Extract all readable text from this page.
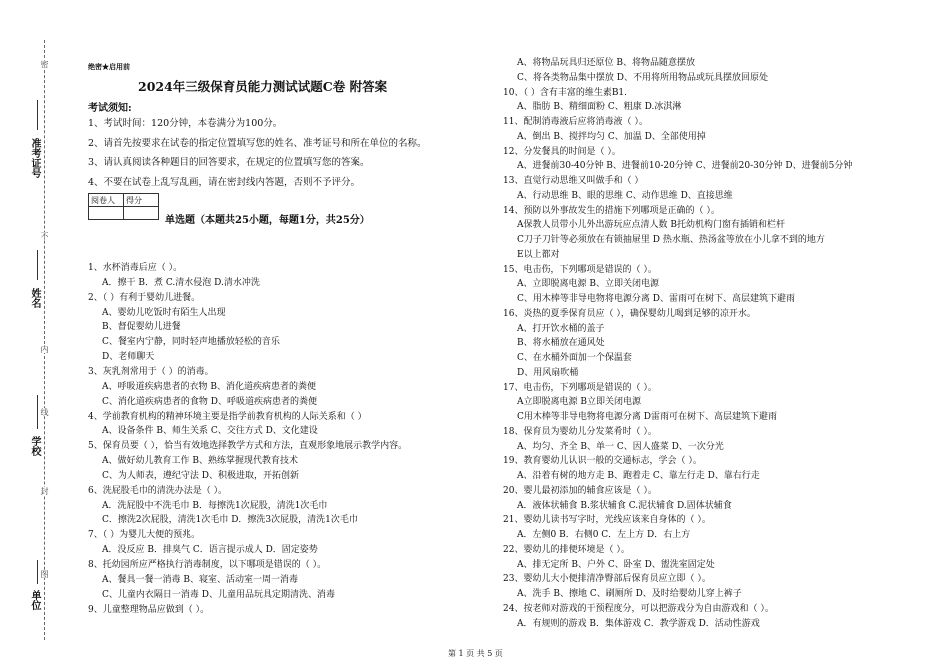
准考证号
姓名
学校
单位
密
不
内
线
封
图
绝密★启用前
2024年三级保育员能力测试试题C卷 附答案
考试须知:
1、考试时间：120分钟，本卷满分为100分。
2、请首先按要求在试卷的指定位置填写您的姓名、准考证号和所在单位的名称。
3、请认真阅读各种题目的回答要求，在规定的位置填写您的答案。
4、不要在试卷上乱写乱画，请在密封线内答题，否则不予评分。
阅卷人	得分

单选题（本题共25小题，每题1分，共25分）
1、水杯消毒后应（ ）。
A．擦干 B．煮 C.清水侵泡 D.清水冲洗
2、（ ）有利于婴幼儿进餐。
A、婴幼儿吃饭时有陌生人出现
B、督促婴幼儿进餐
C、餐室内宁静，同时轻声地播放轻松的音乐
D、老师聊天
3、灰乳剂常用于（ ）的消毒。
A、呼吸道疾病患者的衣物 B、消化道疾病患者的粪便
C、消化道疾病患者的食物 D、呼吸道疾病患者的粪便
4、学前教育机构的精神环境主要是指学前教育机构的人际关系和（ ）
A、设备条件 B、师生关系 C、交往方式 D、文化建设
5、保育员要（ ），恰当有效地选择教学方式和方法，直观形象地展示教学内容。
A、做好幼儿教育工作 B、熟练掌握现代教育技术
C、为人师表，遵纪守法 D、积极进取，开拓创新
6、洗屁股毛巾的清洗办法是（ ）。
A．洗屁股中不洗毛巾 B．每擦洗1次屁股，清洗1次毛巾
C．擦洗2次屁股，清洗1次毛巾 D．擦洗3次屁股，清洗1次毛巾
7、（ ）为婴儿大便的预兆。
A．没反应 B．排臭气 C．语言提示成人 D．固定姿势
8、托幼园所应严格执行消毒制度，以下哪项是错误的（ ）。
A、餐具一餐一消毒 B、寝室、活动室一周一消毒
C、儿童内衣隔日一消毒 D、儿童用品玩具定期清洗、消毒
9、儿童整理物品应做到（ ）。
A、将物品玩具归还原位 B、将物品随意摆放
C、将各类物品集中摆放 D、不用将所用物品或玩具摆放回原处
10、（ ）含有丰富的维生素B1.
A、脂肪 B、精细面粉 C、粗康 D.冰淇淋
11、配制消毒液后应将消毒液（ ）。
A、倒出 B、搅拌均匀 C、加温 D、全部使用掉
12、分发餐具的时间是（ ）。
A、进餐前30-40分钟 B、进餐前10-20分钟 C、进餐前20-30分钟 D、进餐前5分钟
13、直觉行动思维又叫做手和（ ）
A、行动思维 B、眼的思维 C、动作思维 D、直接思维
14、预防以外事故发生的措施下列哪项是正确的（ ）。
A保教人员带小儿外出游玩应点清人数 B托幼机构门窗有插销和栏杆
C刀子刀针等必须放在有锁抽屉里 D 热水瓶、热汤盆等放在小儿拿不到的地方
E以上都对
15、电击伤，下列哪项是错误的（ ）。
A、立即脱离电源 B、立即关闭电源
C、用木棒等非导电物将电源分离 D、雷雨可在树下、高层建筑下避雨
16、炎热的夏季保育员应（ ），确保婴幼儿喝到足够的凉开水。
A、打开饮水桶的盖子
B、将水桶放在通风处
C、在水桶外面加一个保温套
D、用风扇吹桶
17、电击伤，下列哪项是错误的（ ）。
A立即脱离电源 B立即关闭电源
C用木棒等非导电物将电源分离 D雷雨可在树下、高层建筑下避雨
18、保育员为婴幼儿分发菜肴时（ ）。
A、均匀、齐全 B、单一 C、因人盛菜 D、一次分光
19、教育婴幼儿认识一般的交通标志，学会（ ）。
A、沿着有树的地方走 B、跑着走 C、靠左行走 D、靠右行走
20、婴儿最初添加的辅食应该是（ ）。
A．液体状辅食 B.浆状辅食 C.泥状辅食 D.固体状辅食
21、婴幼儿读书写字时，光线应该来自身体的（ ）。
A．左侧0 B．右侧0 C．左上方 D．右上方
22、婴幼儿的排便环境是（ ）。
A、排无定所 B、户外 C、卧室 D、盥洗室固定处
23、婴幼儿大小便排清净臀部后保育员应立即（ ）。
A、洗手 B、擦地 C、刷厕所 D、及时给婴幼儿穿上裤子
24、按老师对游戏的干预程度分，可以把游戏分为自由游戏和（ ）。
A．有规则的游戏 B．集体游戏 C．教学游戏 D．活动性游戏
第 1 页 共 5 页
